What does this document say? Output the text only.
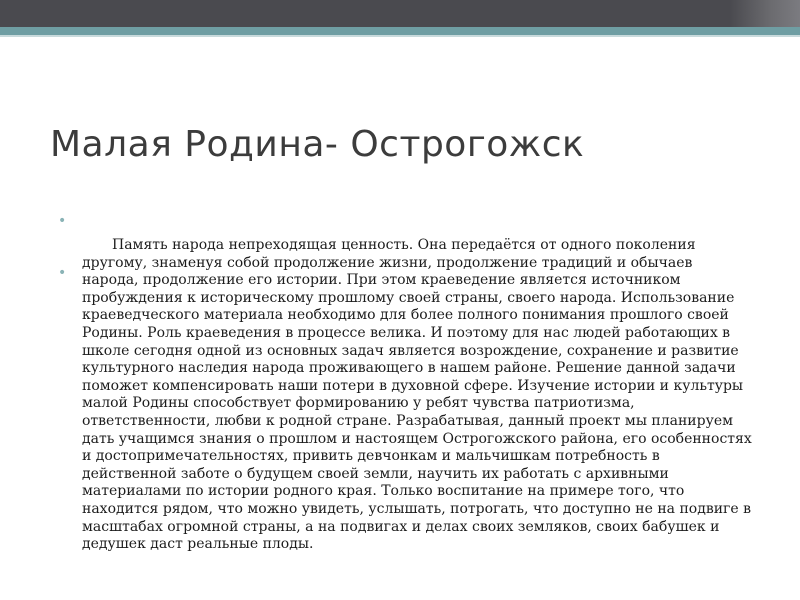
Малая Родина- Острогожск
•
•

Память народа непреходящая ценность. Она передаётся от одного поколения другому, знаменуя собой продолжение жизни, продолжение традиций и обычаев народа, продолжение его истории. При этом краеведение является источником пробуждения к историческому прошлому своей страны, своего народа. Использование краеведческого материала необходимо для более полного понимания прошлого своей Родины. Роль краеведения в процессе велика. И поэтому для нас людей работающих в школе сегодня одной из основных задач является возрождение, сохранение и развитие культурного наследия народа проживающего в нашем районе. Решение данной задачи поможет компенсировать наши потери в духовной сфере. Изучение истории и культуры малой Родины способствует формированию у ребят чувства патриотизма, ответственности, любви к родной стране. Разрабатывая, данный проект мы планируем дать учащимся знания о прошлом и настоящем Острогожского района, его особенностях и достопримечательностях, привить девчонкам и мальчишкам потребность в действенной заботе о будущем своей земли, научить их работать с архивными материалами по истории родного края. Только воспитание на примере того, что находится рядом, что можно увидеть, услышать, потрогать, что доступно не на подвиге в масштабах огромной страны, а на подвигах и делах своих земляков, своих бабушек и дедушек даст реальные плоды.
